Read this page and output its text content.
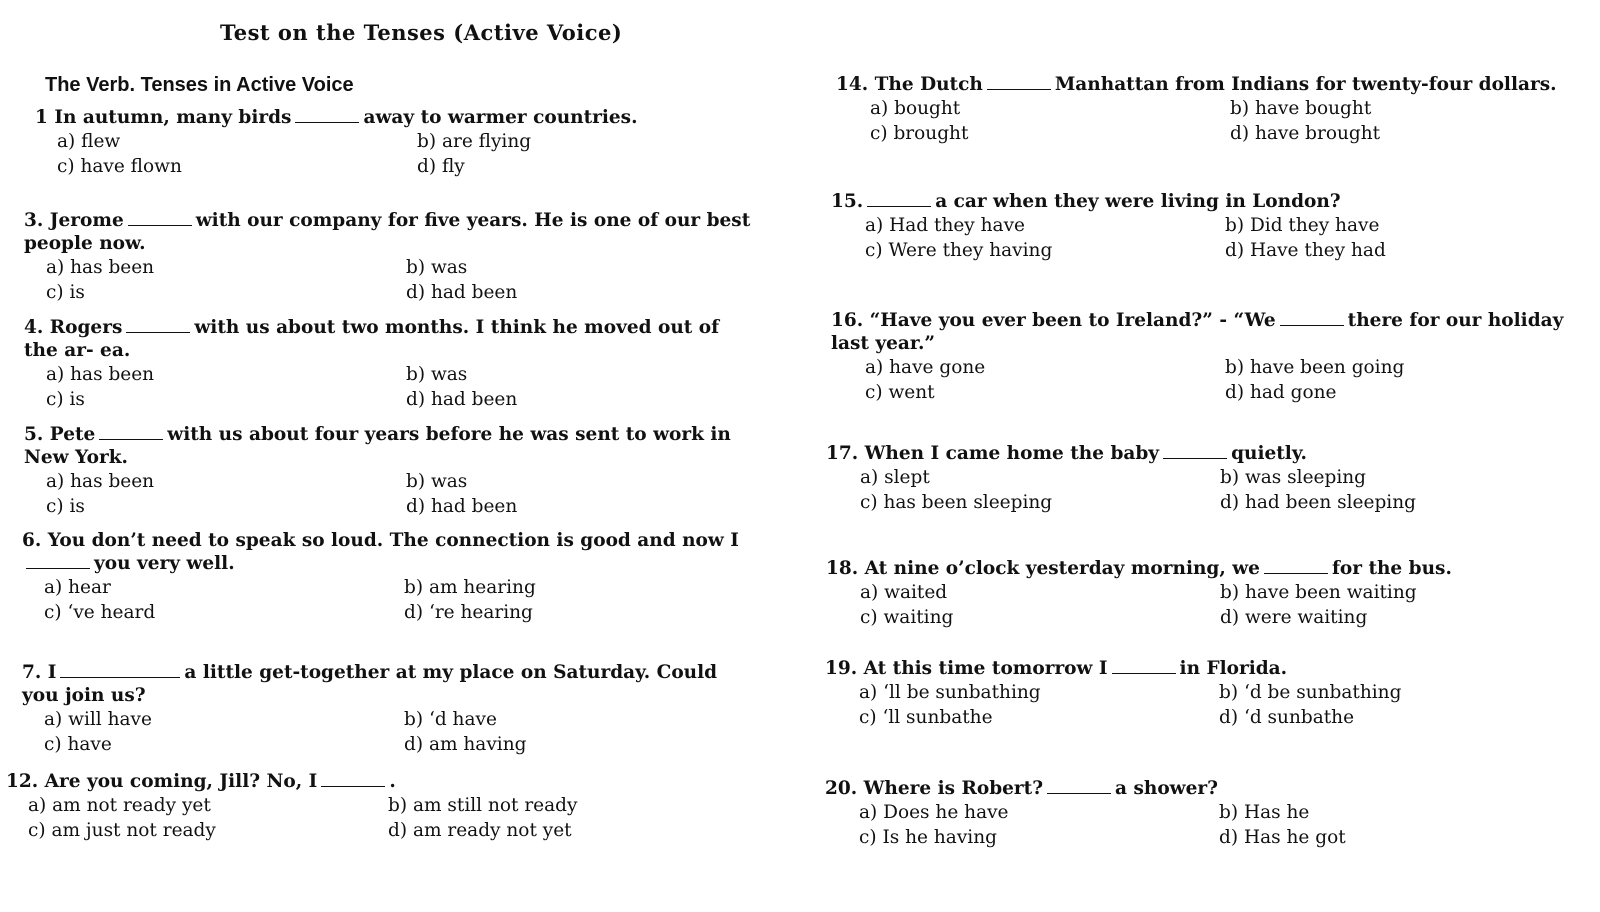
Test on the Tenses (Active Voice)
The Verb. Tenses in Active Voice
1 In autumn, many birds	away to warmer countries.
a) flew	b) are flying
c) have flown	d) fly
3. Jerome	with our company for five years. He is one of our best people now.
a) has been	b) was
c) is	d) had been
4. Rogers	with us about two months. I think he moved out of the ar- ea.
a) has been	b) was
c) is	d) had been
5. Pete	with us about four years before he was sent to work in New York.
a) has been	b) was
c) is	d) had been
6. You don’t need to speak so loud. The connection is good and now Iyou very well.
a) hear	b) am hearing
c) ‘ve heard	d) ‘re hearing
7. I	a little get-together at my place on Saturday. Could you join us?
a) will have	b) ‘d have
c) have	d) am having
12. Are you coming, Jill? No, I	.
a) am not ready yet	b) am still not ready
c) am just not ready	d) am ready not yet
14. The Dutch	Manhattan from Indians for twenty-four dollars.
a) bought	b) have bought
c) brought	d) have brought
15.	a car when they were living in London?
a) Had they have	b) Did they have
c) Were they having	d) Have they had
16. “Have you ever been to Ireland?” - “We	there for our holiday last year.”
a) have gone	b) have been going
c) went	d) had gone
17. When I came home the baby	quietly.
a) slept	b) was sleeping
c) has been sleeping	d) had been sleeping
18. At nine o’clock yesterday morning, we	for the bus.
a) waited	b) have been waiting
c) waiting	d) were waiting
19. At this time tomorrow I	in Florida.
a) ‘ll be sunbathing	b) ‘d be sunbathing
c) ‘ll sunbathe	d) ‘d sunbathe
20. Where is Robert?	a shower?
a) Does he have	b) Has he
c) Is he having	d) Has he got
